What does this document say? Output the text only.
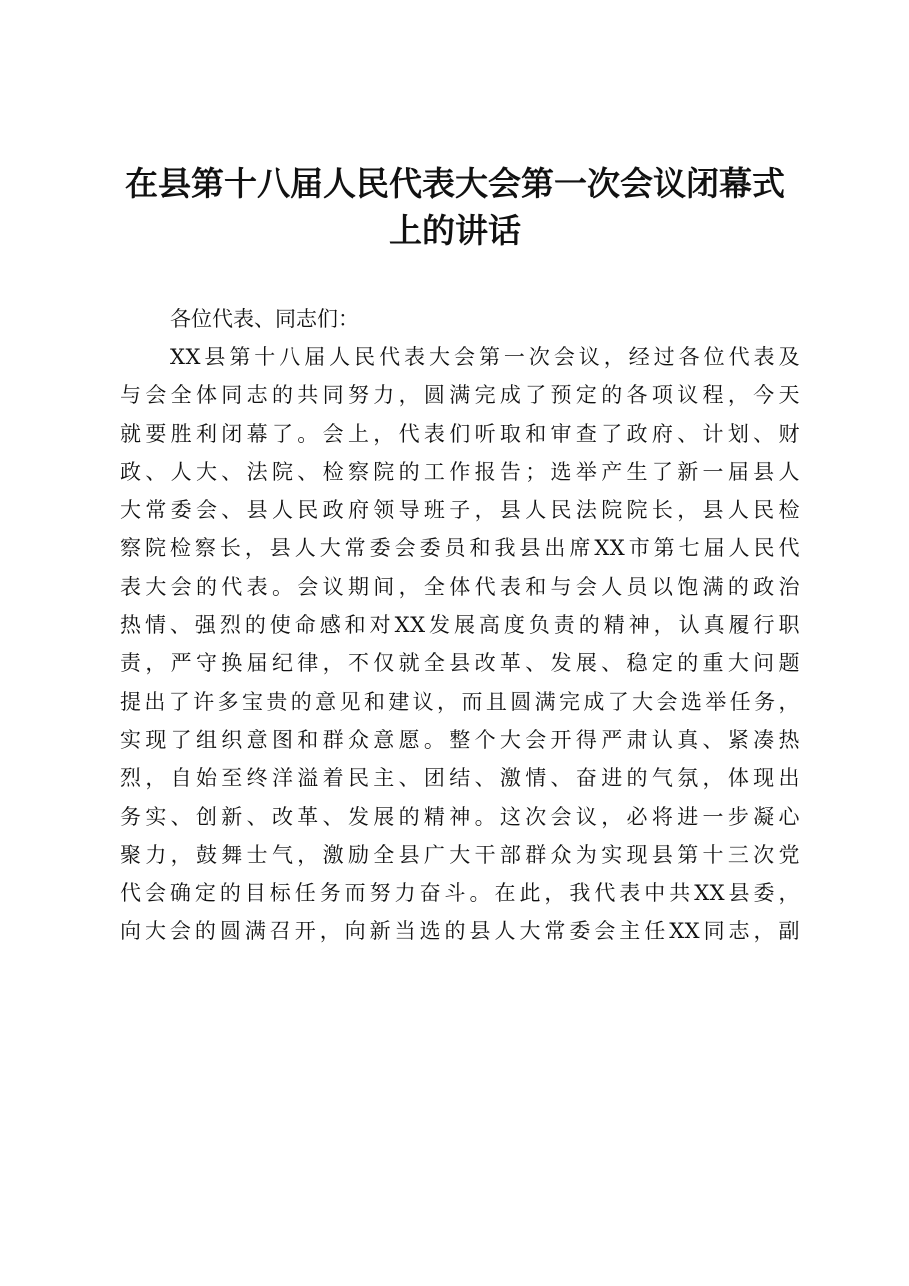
在县第十八届人民代表大会第一次会议闭幕式
上的讲话

各位代表、同志们：

XX县第十八届人民代表大会第一次会议，经过各位代表及
与会全体同志的共同努力，圆满完成了预定的各项议程，今天
就要胜利闭幕了。会上，代表们听取和审查了政府、计划、财
政、人大、法院、检察院的工作报告；选举产生了新一届县人
大常委会、县人民政府领导班子，县人民法院院长，县人民检
察院检察长，县人大常委会委员和我县出席XX市第七届人民代
表大会的代表。会议期间，全体代表和与会人员以饱满的政治
热情、强烈的使命感和对XX发展高度负责的精神，认真履行职
责，严守换届纪律，不仅就全县改革、发展、稳定的重大问题
提出了许多宝贵的意见和建议，而且圆满完成了大会选举任务，
实现了组织意图和群众意愿。整个大会开得严肃认真、紧凑热
烈，自始至终洋溢着民主、团结、激情、奋进的气氛，体现出
务实、创新、改革、发展的精神。这次会议，必将进一步凝心
聚力，鼓舞士气，激励全县广大干部群众为实现县第十三次党
代会确定的目标任务而努力奋斗。在此，我代表中共XX县委，
向大会的圆满召开，向新当选的县人大常委会主任XX同志，副
